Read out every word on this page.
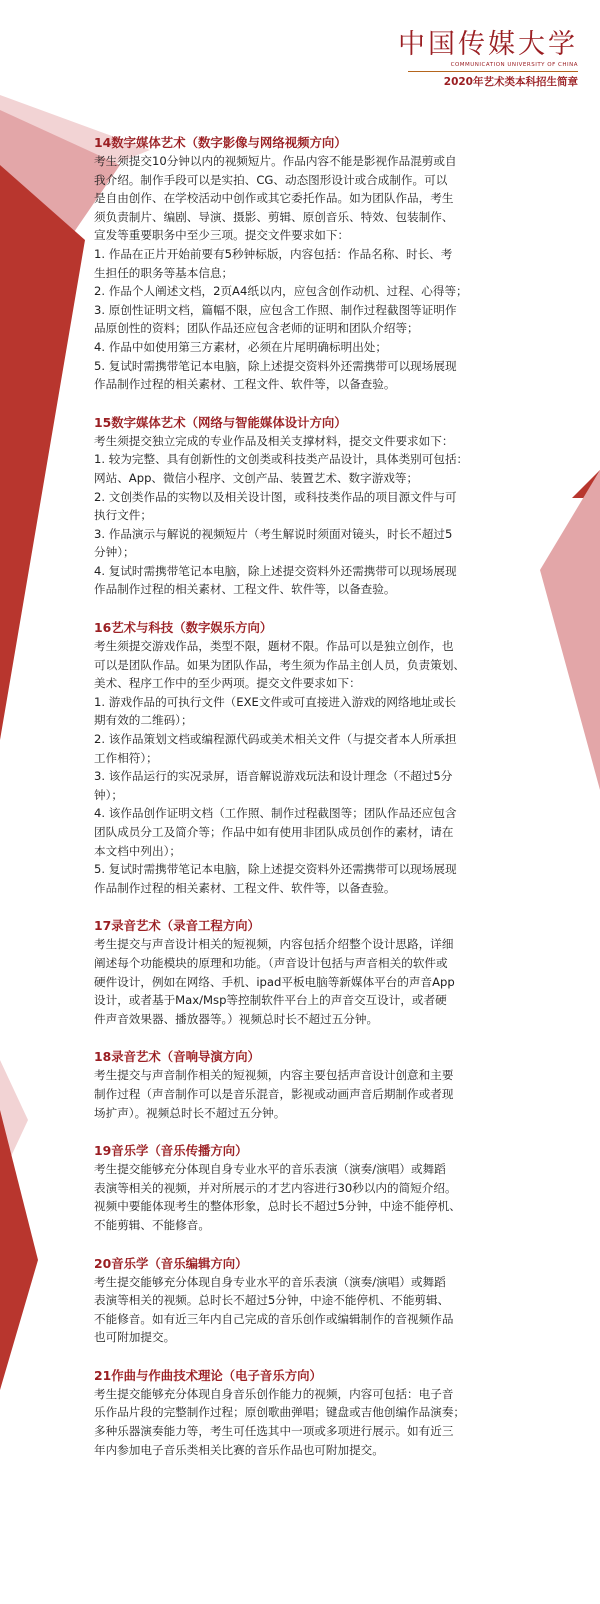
中国传媒大学
COMMUNICATION UNIVERSITY OF CHINA
2020年艺术类本科招生简章
14数字媒体艺术（数字影像与网络视频方向）
考生须提交10分钟以内的视频短片。作品内容不能是影视作品混剪或自
我介绍。制作手段可以是实拍、CG、动态图形设计或合成制作。可以
是自由创作、在学校活动中创作或其它委托作品。如为团队作品，考生
须负责制片、编剧、导演、摄影、剪辑、原创音乐、特效、包装制作、
宣发等重要职务中至少三项。提交文件要求如下：
1. 作品在正片开始前要有5秒钟标版，内容包括：作品名称、时长、考
生担任的职务等基本信息；
2. 作品个人阐述文档，2页A4纸以内，应包含创作动机、过程、心得等；
3. 原创性证明文档，篇幅不限，应包含工作照、制作过程截图等证明作
品原创性的资料；团队作品还应包含老师的证明和团队介绍等；
4. 作品中如使用第三方素材，必须在片尾明确标明出处；
5. 复试时需携带笔记本电脑，除上述提交资料外还需携带可以现场展现
作品制作过程的相关素材、工程文件、软件等，以备查验。
15数字媒体艺术（网络与智能媒体设计方向）
考生须提交独立完成的专业作品及相关支撑材料，提交文件要求如下：
1. 较为完整、具有创新性的文创类或科技类产品设计，具体类别可包括：
网站、App、微信小程序、文创产品、装置艺术、数字游戏等；
2. 文创类作品的实物以及相关设计图，或科技类作品的项目源文件与可
执行文件；
3. 作品演示与解说的视频短片（考生解说时须面对镜头，时长不超过5
分钟）；
4. 复试时需携带笔记本电脑，除上述提交资料外还需携带可以现场展现
作品制作过程的相关素材、工程文件、软件等，以备查验。
16艺术与科技（数字娱乐方向）
考生须提交游戏作品，类型不限，题材不限。作品可以是独立创作，也
可以是团队作品。如果为团队作品，考生须为作品主创人员，负责策划、
美术、程序工作中的至少两项。提交文件要求如下：
1. 游戏作品的可执行文件（EXE文件或可直接进入游戏的网络地址或长
期有效的二维码）；
2. 该作品策划文档或编程源代码或美术相关文件（与提交者本人所承担
工作相符）；
3. 该作品运行的实况录屏，语音解说游戏玩法和设计理念（不超过5分
钟）；
4. 该作品创作证明文档（工作照、制作过程截图等；团队作品还应包含
团队成员分工及简介等；作品中如有使用非团队成员创作的素材，请在
本文档中列出）；
5. 复试时需携带笔记本电脑，除上述提交资料外还需携带可以现场展现
作品制作过程的相关素材、工程文件、软件等，以备查验。
17录音艺术（录音工程方向）
考生提交与声音设计相关的短视频，内容包括介绍整个设计思路，详细
阐述每个功能模块的原理和功能。（声音设计包括与声音相关的软件或
硬件设计，例如在网络、手机、ipad平板电脑等新媒体平台的声音App
设计，或者基于Max/Msp等控制软件平台上的声音交互设计，或者硬
件声音效果器、播放器等。）视频总时长不超过五分钟。
18录音艺术（音响导演方向）
考生提交与声音制作相关的短视频，内容主要包括声音设计创意和主要
制作过程（声音制作可以是音乐混音，影视或动画声音后期制作或者现
场扩声）。视频总时长不超过五分钟。
19音乐学（音乐传播方向）
考生提交能够充分体现自身专业水平的音乐表演（演奏/演唱）或舞蹈
表演等相关的视频，并对所展示的才艺内容进行30秒以内的简短介绍。
视频中要能体现考生的整体形象，总时长不超过5分钟，中途不能停机、
不能剪辑、不能修音。
20音乐学（音乐编辑方向）
考生提交能够充分体现自身专业水平的音乐表演（演奏/演唱）或舞蹈
表演等相关的视频。总时长不超过5分钟，中途不能停机、不能剪辑、
不能修音。如有近三年内自己完成的音乐创作或编辑制作的音视频作品
也可附加提交。
21作曲与作曲技术理论（电子音乐方向）
考生提交能够充分体现自身音乐创作能力的视频，内容可包括：电子音
乐作品片段的完整制作过程；原创歌曲弹唱；键盘或吉他创编作品演奏；
多种乐器演奏能力等，考生可任选其中一项或多项进行展示。如有近三
年内参加电子音乐类相关比赛的音乐作品也可附加提交。
